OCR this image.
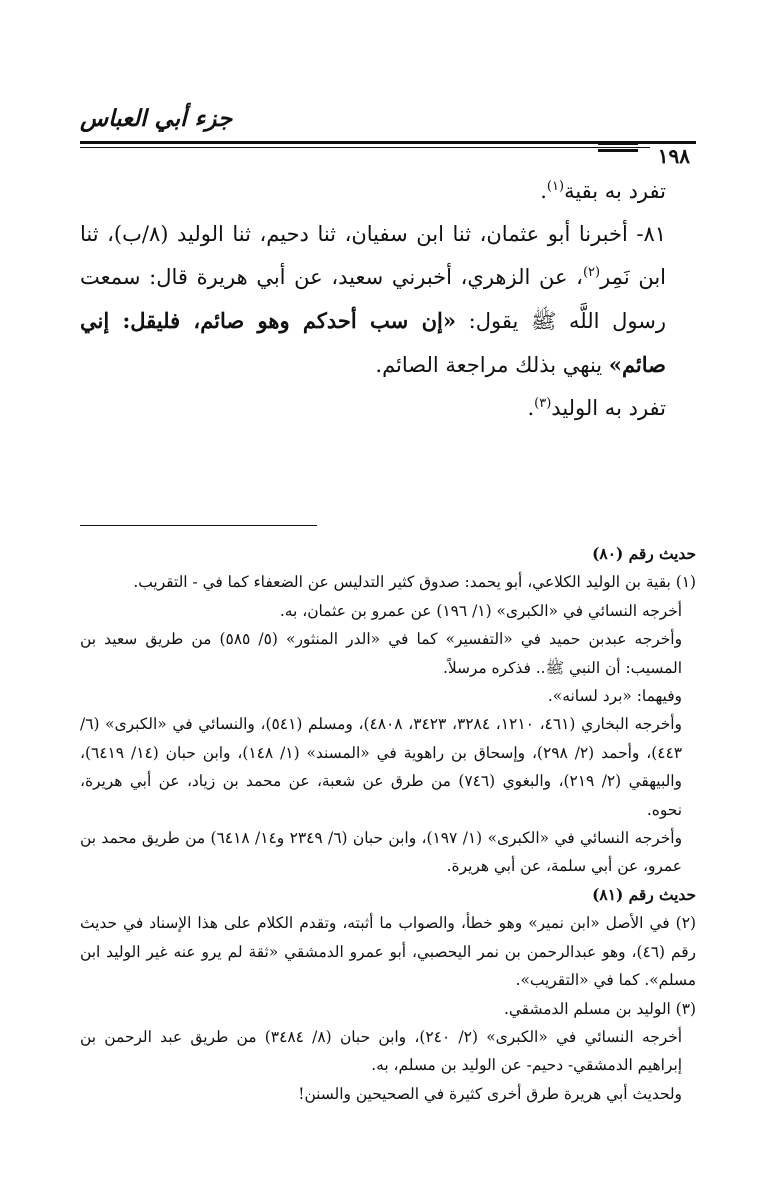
جزء أبي العباس
١٩٨

تفرد به بقية$^{(١)}$.

٨١- أخبرنا أبو عثمان، ثنا ابن سفيان، ثنا دحيم، ثنا الوليد (٨/ب)، ثنا ابن نَمِر$^{(٢)}$، عن الزهري، أخبرني سعيد، عن أبي هريرة قال: سمعت رسول اللَّه ﷺ يقول: «إن سب أحدكم وهو صائم، فليقل: إني صائم» ينهي بذلك مراجعة الصائم.

تفرد به الوليد$^{(٣)}$.

حديث رقم (٨٠)

(١) بقية بن الوليد الكلاعي، أبو يحمد: صدوق كثير التدليس عن الضعفاء كما في - التقريب.

أخرجه النسائي في «الكبرى» (١/ ١٩٦) عن عمرو بن عثمان، به.

وأخرجه عبدبن حميد في «التفسير» كما في «الدر المنثور» (٥/ ٥٨٥) من طريق سعيد بن المسيب: أن النبي ﷺ.. فذكره مرسلاً.

وفيهما: «برد لسانه».

وأخرجه البخاري (٤٦١، ١٢١٠، ٣٢٨٤، ٣٤٢٣، ٤٨٠٨)، ومسلم (٥٤١)، والنسائي في «الكبرى» (٦/ ٤٤٣)، وأحمد (٢/ ٢٩٨)، وإسحاق بن راهوية في «المسند» (١/ ١٤٨)، وابن حبان (١٤/ ٦٤١٩)، والبيهقي (٢/ ٢١٩)، والبغوي (٧٤٦) من طرق عن شعبة، عن محمد بن زياد، عن أبي هريرة، نحوه.

وأخرجه النسائي في «الكبرى» (١/ ١٩٧)، وابن حبان (٦/ ٢٣٤٩ و١٤/ ٦٤١٨) من طريق محمد بن عمرو، عن أبي سلمة، عن أبي هريرة.

حديث رقم (٨١)

(٢) في الأصل «ابن نمير» وهو خطأ، والصواب ما أثبته، وتقدم الكلام على هذا الإسناد في حديث رقم (٤٦)، وهو عبدالرحمن بن نمر اليحصبي، أبو عمرو الدمشقي «ثقة لم يرو عنه غير الوليد ابن مسلم». كما في «التقريب».

(٣) الوليد بن مسلم الدمشقي.

أخرجه النسائي في «الكبرى» (٢/ ٢٤٠)، وابن حبان (٨/ ٣٤٨٤) من طريق عبد الرحمن بن إبراهيم الدمشقي- دحيم- عن الوليد بن مسلم، به.

ولحديث أبي هريرة طرق أخرى كثيرة في الصحيحين والسنن!
